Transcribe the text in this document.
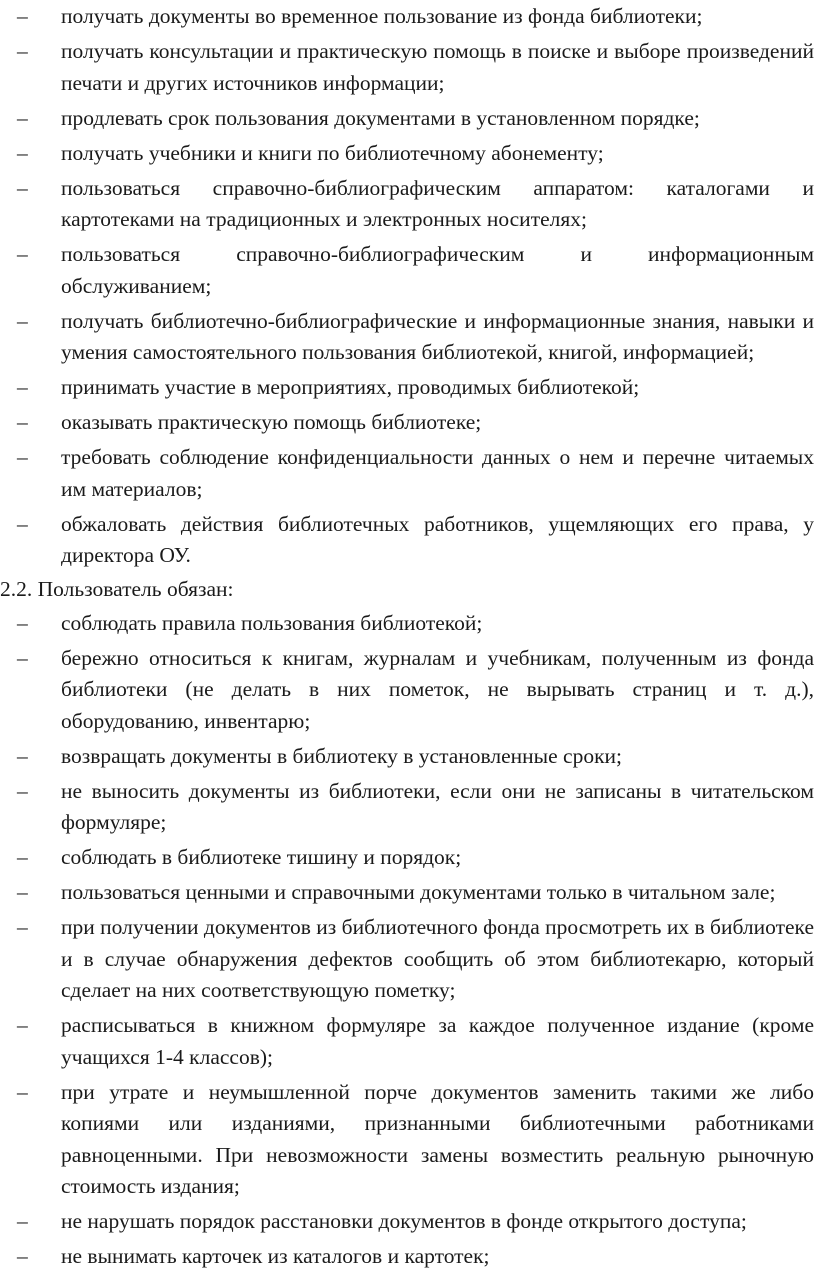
– получать документы во временное пользование из фонда библиотеки;
– получать консультации и практическую помощь в поиске и выборе произведений печати и других источников информации;
– продлевать срок пользования документами в установленном порядке;
– получать учебники и книги по библиотечному абонементу;
– пользоваться справочно-библиографическим аппаратом: каталогами и картотеками на традиционных и электронных носителях;
– пользоваться справочно-библиографическим и информационным обслуживанием;
– получать библиотечно-библиографические и информационные знания, навыки и умения самостоятельного пользования библиотекой, книгой, информацией;
– принимать участие в мероприятиях, проводимых библиотекой;
– оказывать практическую помощь библиотеке;
– требовать соблюдение конфиденциальности данных о нем и перечне читаемых им материалов;
– обжаловать действия библиотечных работников, ущемляющих его права, у директора ОУ.
2.2. Пользователь обязан:
– соблюдать правила пользования библиотекой;
– бережно относиться к книгам, журналам и учебникам, полученным из фонда библиотеки (не делать в них пометок, не вырывать страниц и т. д.), оборудованию, инвентарю;
– возвращать документы в библиотеку в установленные сроки;
– не выносить документы из библиотеки, если они не записаны в читательском формуляре;
– соблюдать в библиотеке тишину и порядок;
– пользоваться ценными и справочными документами только в читальном зале;
– при получении документов из библиотечного фонда просмотреть их в библиотеке и в случае обнаружения дефектов сообщить об этом библиотекарю, который сделает на них соответствующую пометку;
– расписываться в книжном формуляре за каждое полученное издание (кроме учащихся 1-4 классов);
– при утрате и неумышленной порче документов заменить такими же либо копиями или изданиями, признанными библиотечными работниками равноценными. При невозможности замены возместить реальную рыночную стоимость издания;
– не нарушать порядок расстановки документов в фонде открытого доступа;
– не вынимать карточек из каталогов и картотек;
